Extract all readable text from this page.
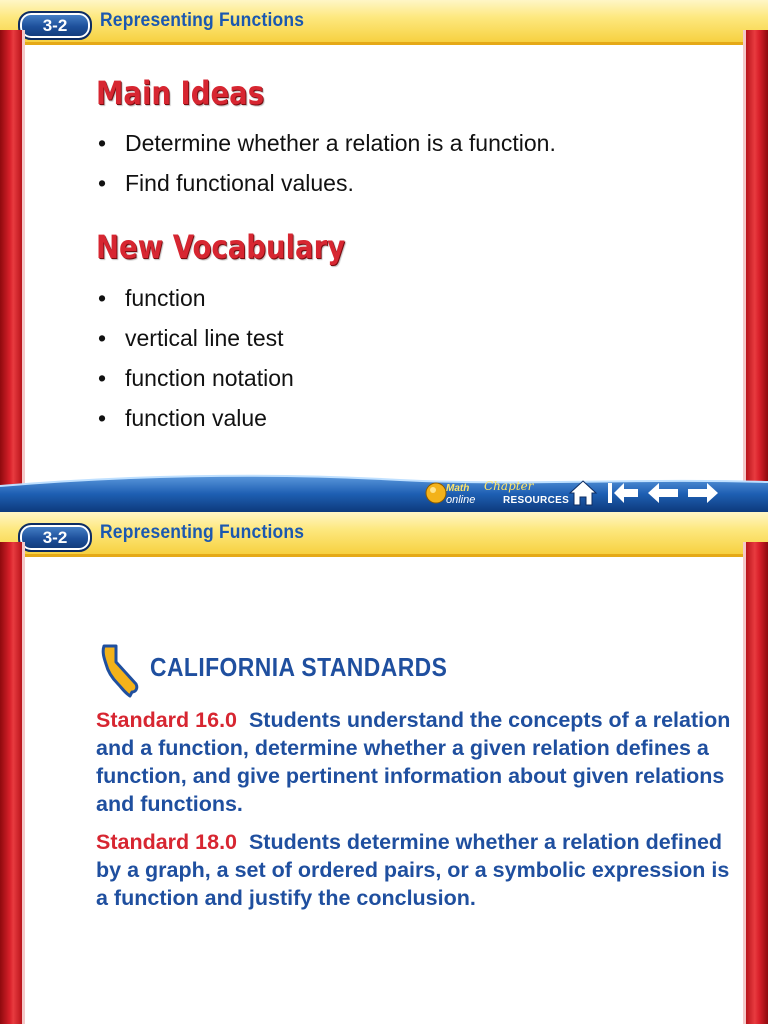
3-2	Representing Functions
Main Ideas
• Determine whether a relation is a function.
• Find functional values.
New Vocabulary
• function
• vertical line test
• function notation
• function value
Math
online
Chapter
RESOURCES
3-2	Representing Functions
CALIFORNIA STANDARDS

Standard 16.0 Students understand the concepts of a relation and a function, determine whether a given relation defines a function, and give pertinent information about given relations and functions.

Standard 18.0 Students determine whether a relation defined by a graph, a set of ordered pairs, or a symbolic expression is a function and justify the conclusion.
